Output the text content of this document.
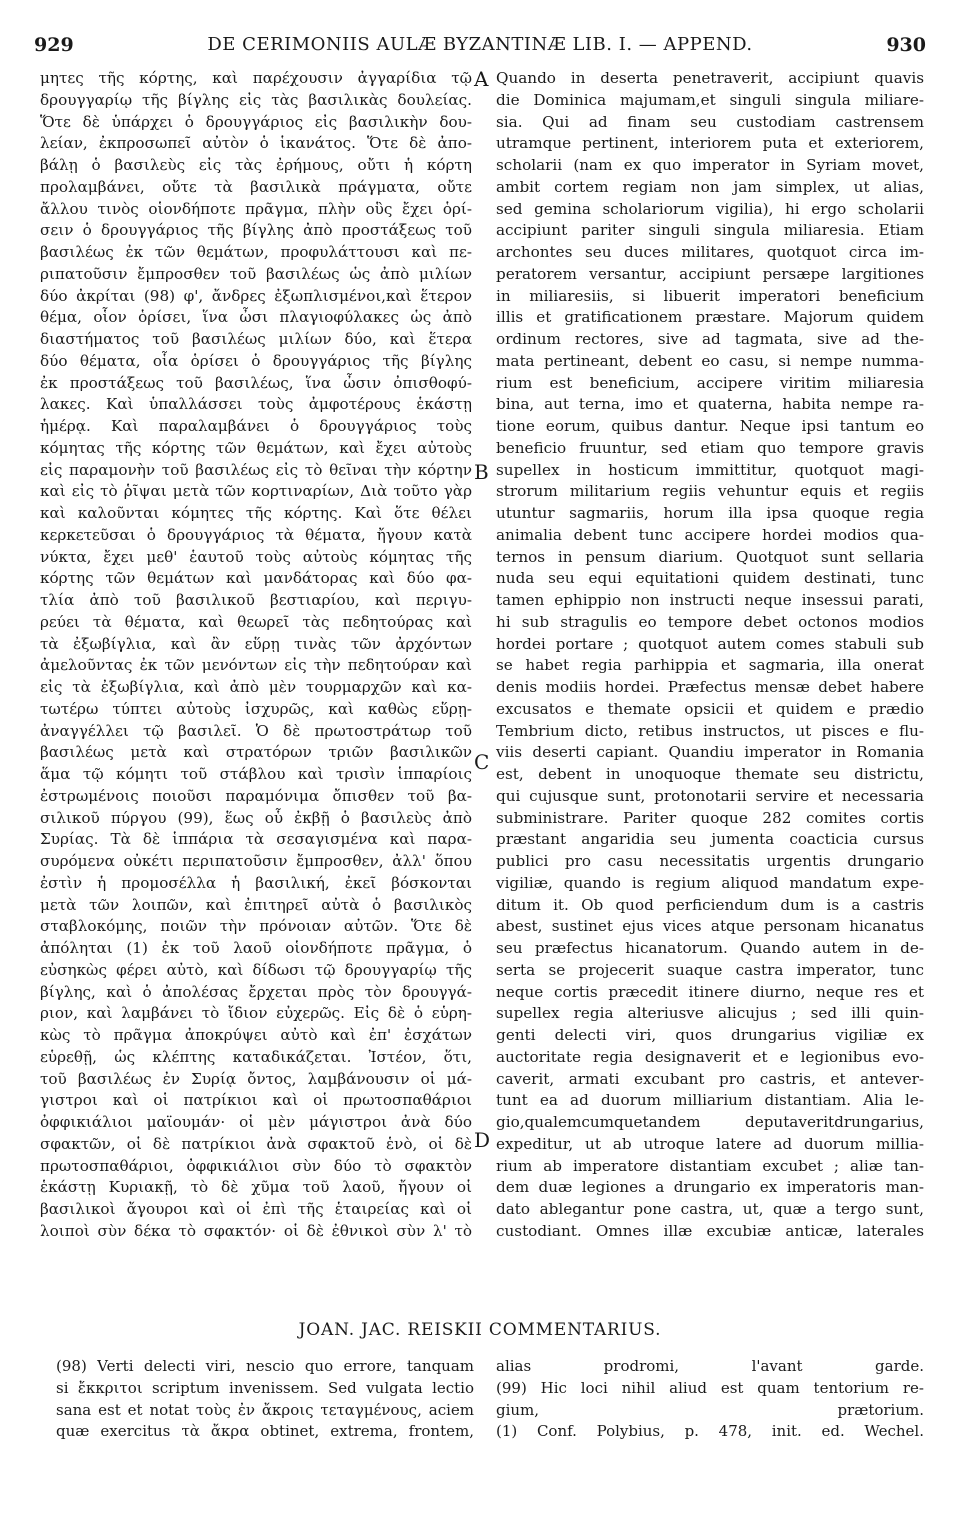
929	DE CERIMONIIS AULÆ BYZANTINÆ LIB. I. — APPEND.	930
μητες τῆς κόρτης, καὶ παρέχουσιν ἀγγαρίδια τῷ
δρουγγαρίῳ τῆς βίγλης εἰς τὰς βασιλικὰς δουλείας.
Ὅτε δὲ ὑπάρχει ὁ δρουγγάριος εἰς βασιλικὴν δου-
λείαν, ἐκπροσωπεῖ αὐτὸν ὁ ἱκανάτος. Ὅτε δὲ ἀπο-
βάλῃ ὁ βασιλεὺς εἰς τὰς ἐρήμους, οὔτι ἡ κόρτη
προλαμβάνει, οὔτε τὰ βασιλικὰ πράγματα, οὔτε
ἄλλου τινὸς οἱονδήποτε πρᾶγμα, πλὴν οὓς ἔχει ὁρί-
σειν ὁ δρουγγάριος τῆς βίγλης ἀπὸ προστάξεως τοῦ
βασιλέως ἐκ τῶν θεμάτων, προφυλάττουσι καὶ πε-
ριπατοῦσιν ἔμπροσθεν τοῦ βασιλέως ὡς ἀπὸ μιλίων
δύο ἀκρίται (98) φ', ἄνδρες ἐξωπλισμένοι,καὶ ἕτερον
θέμα, οἷον ὁρίσει, ἵνα ὦσι πλαγιοφύλακες ὡς ἀπὸ
διαστήματος τοῦ βασιλέως μιλίων δύο, καὶ ἕτερα
δύο θέματα, οἷα ὁρίσει ὁ δρουγγάριος τῆς βίγλης
ἐκ προστάξεως τοῦ βασιλέως, ἵνα ὦσιν ὀπισθοφύ-
λακες. Καὶ ὑπαλλάσσει τοὺς ἀμφοτέρους ἑκάστῃ
ἡμέρᾳ. Καὶ παραλαμβάνει ὁ δρουγγάριος τοὺς
κόμητας τῆς κόρτης τῶν θεμάτων, καὶ ἔχει αὐτοὺς
εἰς παραμονὴν τοῦ βασιλέως εἰς τὸ θεῖναι τὴν κόρτην
καὶ εἰς τὸ ῥῖψαι μετὰ τῶν κορτιναρίων, Διὰ τοῦτο γὰρ
καὶ καλοῦνται κόμητες τῆς κόρτης. Καὶ ὅτε θέλει
κερκετεῦσαι ὁ δρουγγάριος τὰ θέματα, ἤγουν κατὰ
νύκτα, ἔχει μεθ' ἑαυτοῦ τοὺς αὐτοὺς κόμητας τῆς
κόρτης τῶν θεμάτων καὶ μανδάτορας καὶ δύο φα-
τλία ἀπὸ τοῦ βασιλικοῦ βεστιαρίου, καὶ περιγυ-
ρεύει τὰ θέματα, καὶ θεωρεῖ τὰς πεδητούρας καὶ
τὰ ἐξωβίγλια, καὶ ἂν εὕρῃ τινὰς τῶν ἀρχόντων
ἀμελοῦντας ἐκ τῶν μενόντων εἰς τὴν πεδητούραν καὶ
εἰς τὰ ἐξωβίγλια, καὶ ἀπὸ μὲν τουρμαρχῶν καὶ κα-
τωτέρω τύπτει αὐτοὺς ἰσχυρῶς, καὶ καθὼς εὕρῃ-
ἀναγγέλλει τῷ βασιλεῖ. Ὁ δὲ πρωτοστράτωρ τοῦ
βασιλέως μετὰ καὶ στρατόρων τριῶν βασιλικῶν
ἅμα τῷ κόμητι τοῦ στάβλου καὶ τρισὶν ἱππαρίοις
ἐστρωμένοις ποιοῦσι παραμόνιμα ὄπισθεν τοῦ βα-
σιλικοῦ πύργου (99), ἕως οὗ ἐκβῇ ὁ βασιλεὺς ἀπὸ
Συρίας. Τὰ δὲ ἱππάρια τὰ σεσαγισμένα καὶ παρα-
συρόμενα οὐκέτι περιπατοῦσιν ἔμπροσθεν, ἀλλ' ὅπου
ἐστὶν ἡ προμοσέλλα ἡ βασιλική, ἐκεῖ βόσκονται
μετὰ τῶν λοιπῶν, καὶ ἐπιτηρεῖ αὐτὰ ὁ βασιλικὸς
σταβλοκόμης, ποιῶν τὴν πρόνοιαν αὐτῶν. Ὅτε δὲ
ἀπόληται (1) ἐκ τοῦ λαοῦ οἱονδήποτε πρᾶγμα, ὁ
εὐσηκὼς φέρει αὐτὸ, καὶ δίδωσι τῷ δρουγγαρίῳ τῆς
βίγλης, καὶ ὁ ἀπολέσας ἔρχεται πρὸς τὸν δρουγγά-
ριον, καὶ λαμβάνει τὸ ἴδιον εὐχερῶς. Εἰς δὲ ὁ εὑρη-
κὼς τὸ πρᾶγμα ἀποκρύψει αὐτὸ καὶ ἐπ' ἐσχάτων
εὑρεθῇ, ὡς κλέπτης καταδικάζεται. Ἰστέον, ὅτι,
τοῦ βασιλέως ἐν Συρίᾳ ὄντος, λαμβάνουσιν οἱ μά-
γιστροι καὶ οἱ πατρίκιοι καὶ οἱ πρωτοσπαθάριοι
ὀφφικιάλιοι μαϊουμάν· οἱ μὲν μάγιστροι ἀνὰ δύο
σφακτῶν, οἱ δὲ πατρίκιοι ἀνὰ σφακτοῦ ἑνὸ, οἱ δὲ
πρωτοσπαθάριοι, ὀφφικιάλιοι σὺν δύο τὸ σφακτὸν
ἑκάστῃ Κυριακῇ, τὸ δὲ χῦμα τοῦ λαοῦ, ἤγουν οἱ
βασιλικοὶ ἄγουροι καὶ οἱ ἐπὶ τῆς ἑταιρείας καὶ οἱ
λοιποὶ σὺν δέκα τὸ σφακτόν· οἱ δὲ ἐθνικοὶ σὺν λ' τὸ
A
B
C
D
Quando in deserta penetraverit, accipiunt quavis
die Dominica majumam,et singuli singula miliare-
sia. Qui ad finam seu custodiam castrensem
utramque pertinent, interiorem puta et exteriorem,
scholarii (nam ex quo imperator in Syriam movet,
ambit cortem regiam non jam simplex, ut alias,
sed gemina scholariorum vigilia), hi ergo scholarii
accipiunt pariter singuli singula miliaresia. Etiam
archontes seu duces militares, quotquot circa im-
peratorem versantur, accipiunt persæpe largitiones
in miliaresiis, si libuerit imperatori beneficium
illis et gratificationem præstare. Majorum quidem
ordinum rectores, sive ad tagmata, sive ad the-
mata pertineant, debent eo casu, si nempe numma-
rium est beneficium, accipere viritim miliaresia
bina, aut terna, imo et quaterna, habita nempe ra-
tione eorum, quibus dantur. Neque ipsi tantum eo
beneficio fruuntur, sed etiam quo tempore gravis
supellex in hosticum immittitur, quotquot magi-
strorum militarium regiis vehuntur equis et regiis
utuntur sagmariis, horum illa ipsa quoque regia
animalia debent tunc accipere hordei modios qua-
ternos in pensum diarium. Quotquot sunt sellaria
nuda seu equi equitationi quidem destinati, tunc
tamen ephippio non instructi neque insessui parati,
hi sub stragulis eo tempore debet octonos modios
hordei portare ; quotquot autem comes stabuli sub
se habet regia parhippia et sagmaria, illa onerat
denis modiis hordei. Præfectus mensæ debet habere
excusatos e themate opsicii et quidem e prædio
Tembrium dicto, retibus instructos, ut pisces e flu-
viis deserti capiant. Quandiu imperator in Romania
est, debent in unoquoque themate seu districtu,
qui cujusque sunt, protonotarii servire et necessaria
subministrare. Pariter quoque 282 comites cortis
præstant angaridia seu jumenta coacticia cursus
publici pro casu necessitatis urgentis drungario
vigiliæ, quando is regium aliquod mandatum expe-
ditum it. Ob quod perficiendum dum is a castris
abest, sustinet ejus vices atque personam hicanatus
seu præfectus hicanatorum. Quando autem in de-
serta se projecerit suaque castra imperator, tunc
neque cortis præcedit itinere diurno, neque res et
supellex regia alteriusve alicujus ; sed illi quin-
genti delecti viri, quos drungarius vigiliæ ex
auctoritate regia designaverit et e legionibus evo-
caverit, armati excubant pro castris, et antever-
tunt ea ad duorum milliarium distantiam. Alia le-
gio,qualemcumquetandem deputaveritdrungarius,
expeditur, ut ab utroque latere ad duorum millia-
rium ab imperatore distantiam excubet ; aliæ tan-
dem duæ legiones a drungario ex imperatoris man-
dato ablegantur pone castra, ut, quæ a tergo sunt,
custodiant. Omnes illæ excubiæ anticæ, laterales
JOAN. JAC. REISKII COMMENTARIUS.
(98) Verti delecti viri, nescio quo errore, tanquam
si ἔκκριτοι scriptum invenissem. Sed vulgata lectio
sana est et notat τοὺς ἐν ἄκροις τεταγμένους, aciem
quæ exercitus τὰ ἄκρα obtinet, extrema, frontem,
alias prodromi, l'avant garde.
(99) Hic loci nihil aliud est quam tentorium re-
gium, prætorium.
(1) Conf. Polybius, p. 478, init. ed. Wechel.
